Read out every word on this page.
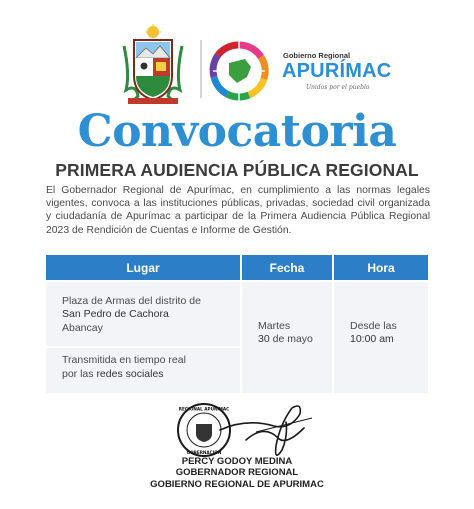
Gobierno Regional
APURÍMAC
Unidos por el pueblo
Convocatoria
PRIMERA AUDIENCIA PÚBLICA REGIONAL
El Gobernador Regional de Apurímac, en cumplimiento a las normas legales vigentes, convoca a las instituciones públicas, privadas, sociedad civil organizada y ciudadanía de Apurímac a participar de la Primera Audiencia Pública Regional 2023 de Rendición de Cuentas e Informe de Gestión.
Lugar	Fecha	Hora
Plaza de Armas del distrito de
San Pedro de Cachora
Abancay
Transmitida en tiempo real
por las redes sociales
Martes
30 de mayo
Desde las
10:00 am
REGIONAL APURÍMAC
GOBERNACIÓN
PERCY GODOY MEDINA
GOBERNADOR REGIONAL
GOBIERNO REGIONAL DE APURIMAC
